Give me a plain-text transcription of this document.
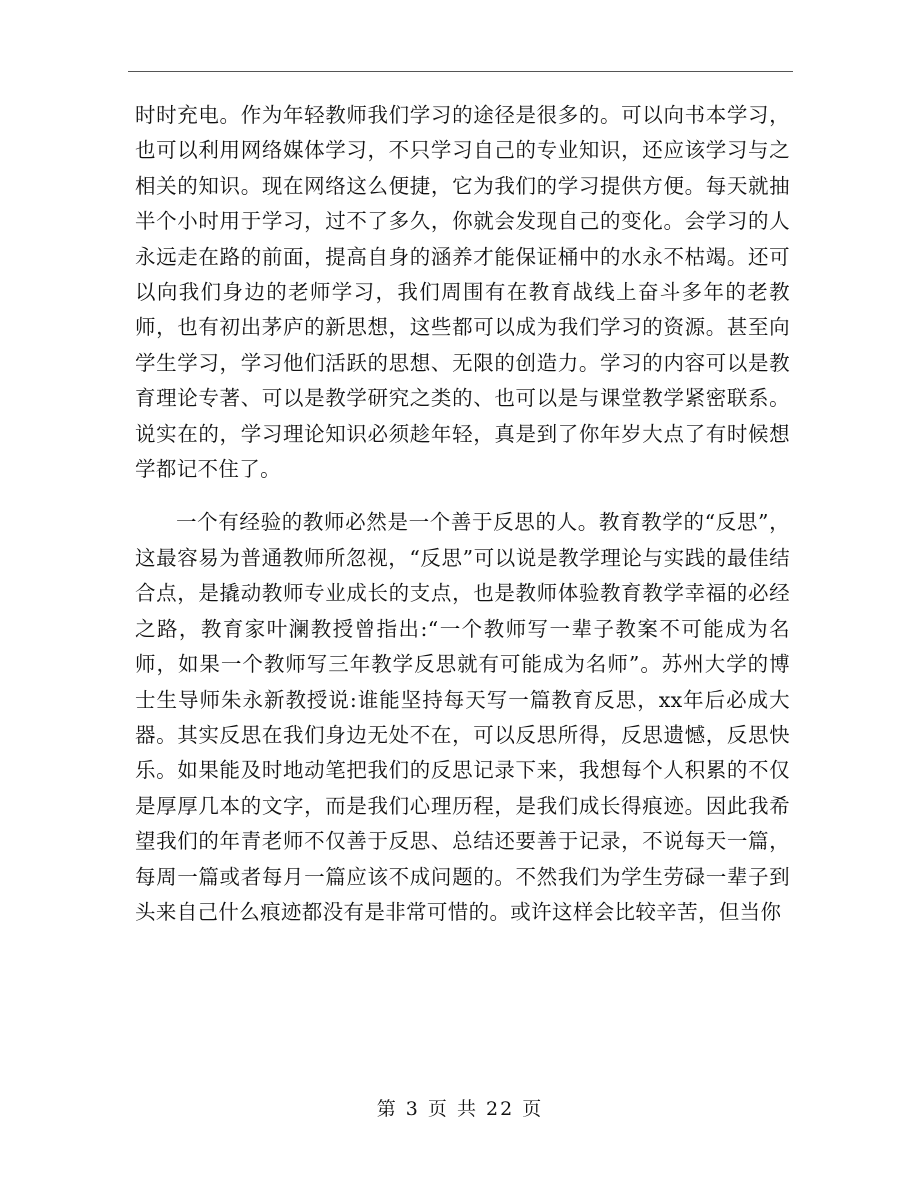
时时充电。作为年轻教师我们学习的途径是很多的。可以向书本学习，也可以利用网络媒体学习，不只学习自己的专业知识，还应该学习与之相关的知识。现在网络这么便捷，它为我们的学习提供方便。每天就抽半个小时用于学习，过不了多久，你就会发现自己的变化。会学习的人永远走在路的前面，提高自身的涵养才能保证桶中的水永不枯竭。还可以向我们身边的老师学习，我们周围有在教育战线上奋斗多年的老教师，也有初出茅庐的新思想，这些都可以成为我们学习的资源。甚至向学生学习，学习他们活跃的思想、无限的创造力。学习的内容可以是教育理论专著、可以是教学研究之类的、也可以是与课堂教学紧密联系。说实在的，学习理论知识必须趁年轻，真是到了你年岁大点了有时候想学都记不住了。

一个有经验的教师必然是一个善于反思的人。教育教学的“反思”，这最容易为普通教师所忽视，“反思”可以说是教学理论与实践的最佳结合点，是撬动教师专业成长的支点，也是教师体验教育教学幸福的必经之路，教育家叶澜教授曾指出:“一个教师写一辈子教案不可能成为名师，如果一个教师写三年教学反思就有可能成为名师”。苏州大学的博士生导师朱永新教授说:谁能坚持每天写一篇教育反思，xx年后必成大器。其实反思在我们身边无处不在，可以反思所得，反思遗憾，反思快乐。如果能及时地动笔把我们的反思记录下来，我想每个人积累的不仅是厚厚几本的文字，而是我们心理历程，是我们成长得痕迹。因此我希望我们的年青老师不仅善于反思、总结还要善于记录，不说每天一篇，每周一篇或者每月一篇应该不成问题的。不然我们为学生劳碌一辈子到头来自己什么痕迹都没有是非常可惜的。或许这样会比较辛苦，但当你

第 3 页 共 22 页
